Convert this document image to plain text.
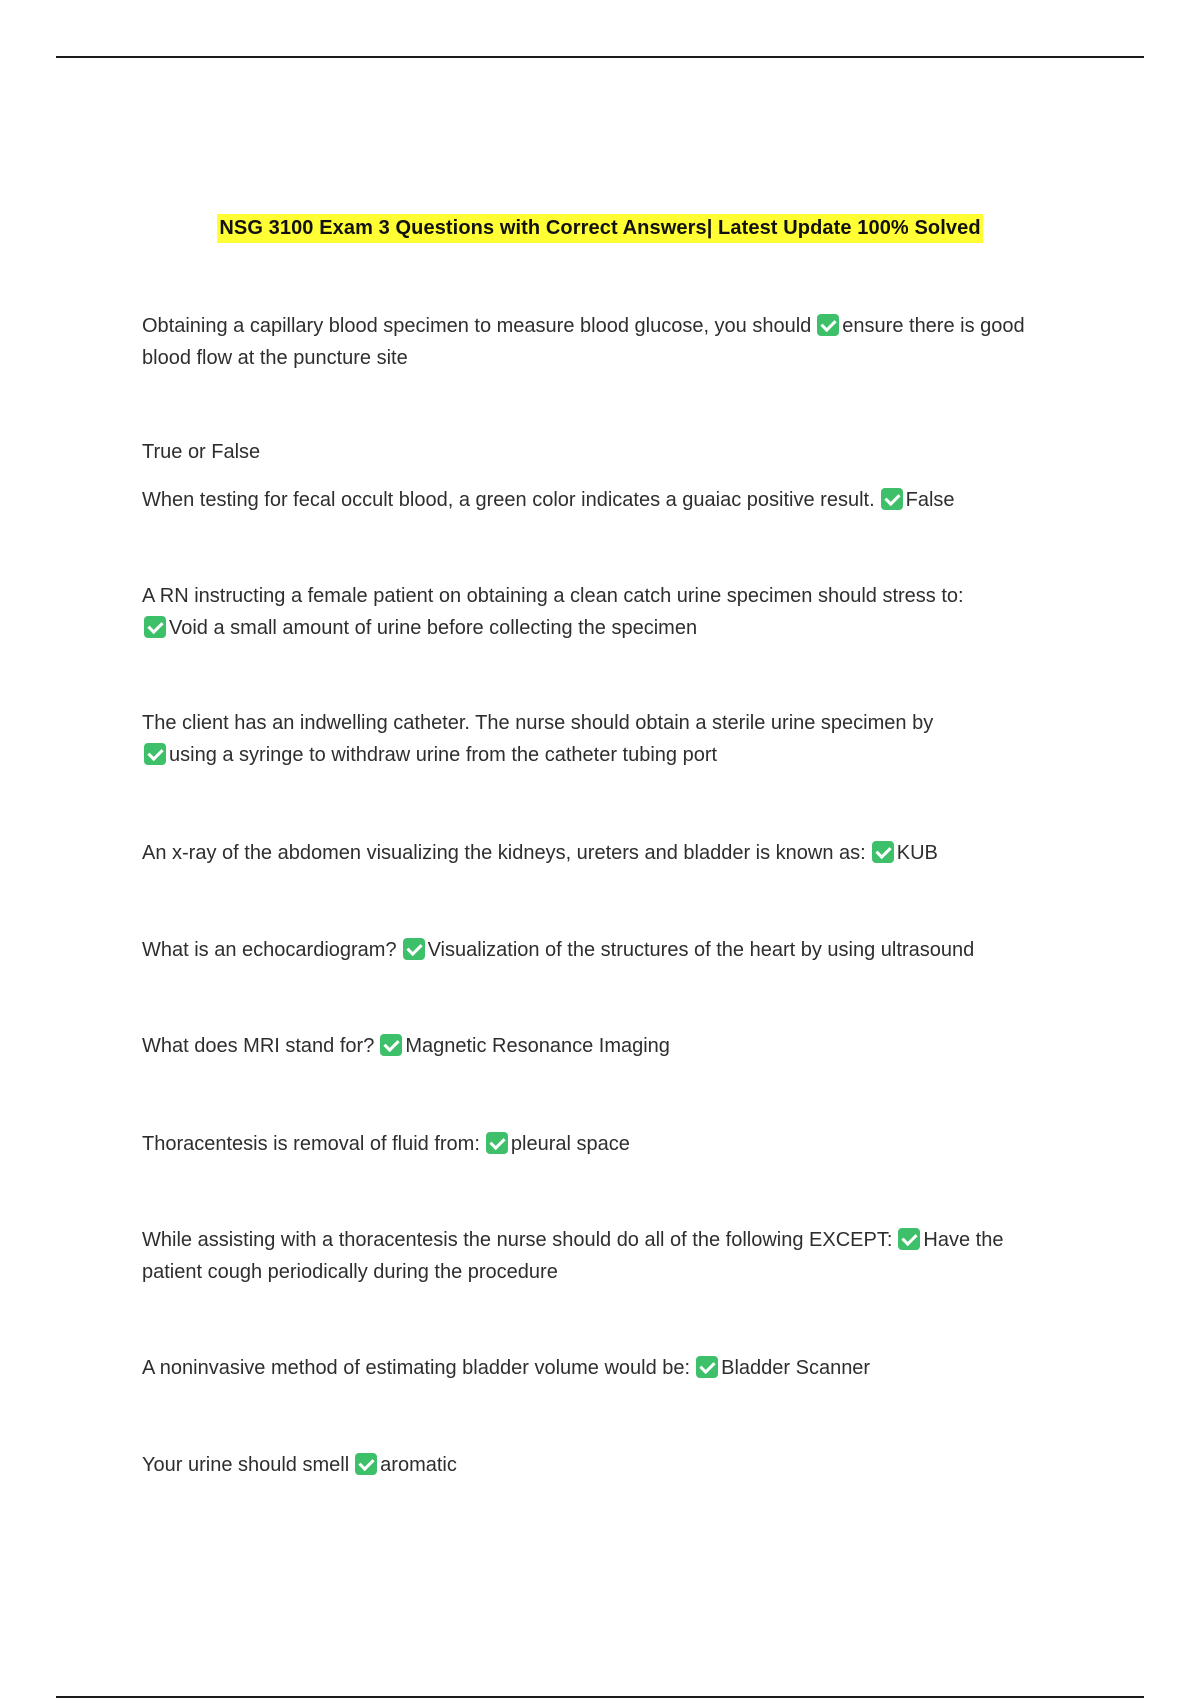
NSG 3100 Exam 3 Questions with Correct Answers| Latest Update 100% Solved
Obtaining a capillary blood specimen to measure blood glucose, you should ensure there is good blood flow at the puncture site
True or False
When testing for fecal occult blood, a green color indicates a guaiac positive result. False
A RN instructing a female patient on obtaining a clean catch urine specimen should stress to:
Void a small amount of urine before collecting the specimen
The client has an indwelling catheter. The nurse should obtain a sterile urine specimen by
using a syringe to withdraw urine from the catheter tubing port
An x-ray of the abdomen visualizing the kidneys, ureters and bladder is known as: KUB
What is an echocardiogram? Visualization of the structures of the heart by using ultrasound
What does MRI stand for? Magnetic Resonance Imaging
Thoracentesis is removal of fluid from: pleural space
While assisting with a thoracentesis the nurse should do all of the following EXCEPT: Have the patient cough periodically during the procedure
A noninvasive method of estimating bladder volume would be: Bladder Scanner
Your urine should smell aromatic
